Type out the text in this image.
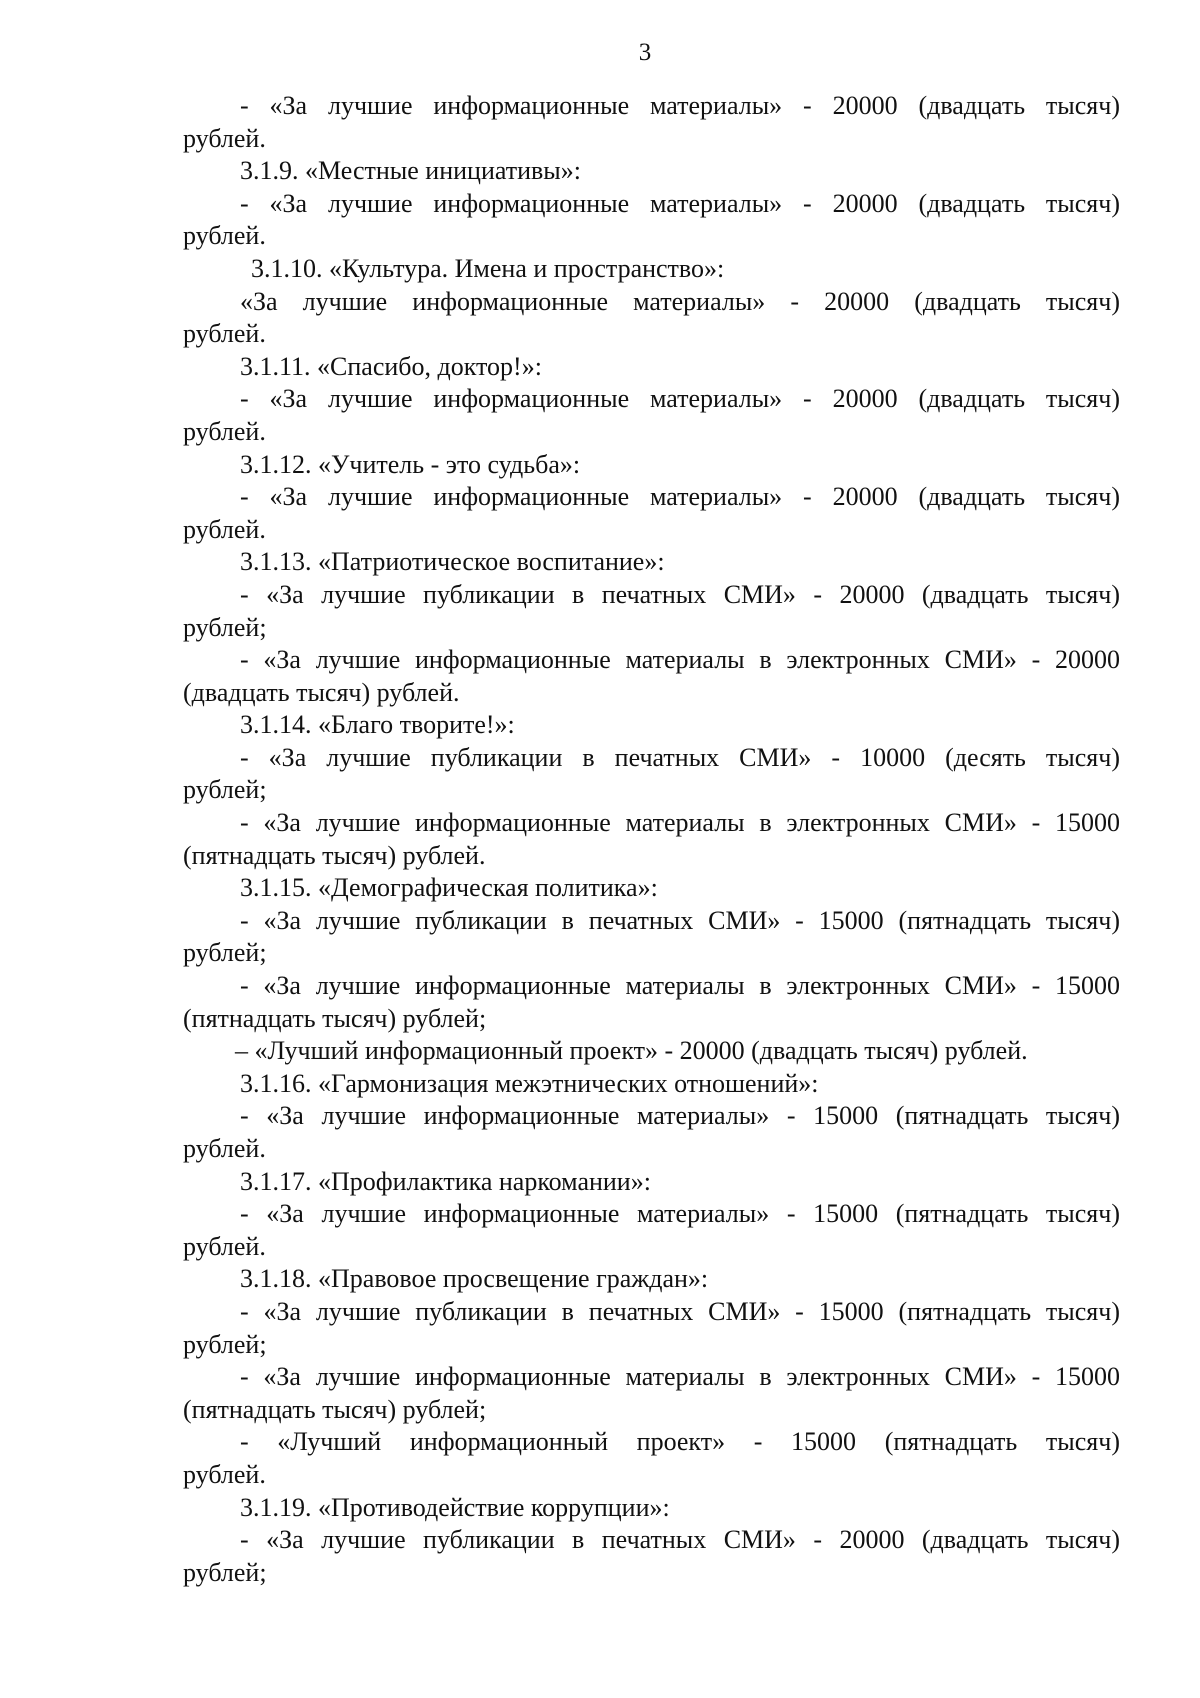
3
- «За лучшие информационные материалы» - 20000 (двадцать тысяч)
рублей.
3.1.9. «Местные инициативы»:
- «За лучшие информационные материалы» - 20000 (двадцать тысяч)
рублей.
3.1.10. «Культура. Имена и пространство»:
«За лучшие информационные материалы» - 20000 (двадцать тысяч)
рублей.
3.1.11. «Спасибо, доктор!»:
- «За лучшие информационные материалы» - 20000 (двадцать тысяч)
рублей.
3.1.12. «Учитель - это судьба»:
- «За лучшие информационные материалы» - 20000 (двадцать тысяч)
рублей.
3.1.13. «Патриотическое воспитание»:
- «За лучшие публикации в печатных СМИ» - 20000 (двадцать тысяч)
рублей;
- «За лучшие информационные материалы в электронных СМИ» - 20000
(двадцать тысяч) рублей.
3.1.14. «Благо творите!»:
- «За лучшие публикации в печатных СМИ» - 10000 (десять тысяч)
рублей;
- «За лучшие информационные материалы в электронных СМИ» - 15000
(пятнадцать тысяч) рублей.
3.1.15. «Демографическая политика»:
- «За лучшие публикации в печатных СМИ» - 15000 (пятнадцать тысяч)
рублей;
- «За лучшие информационные материалы в электронных СМИ» - 15000
(пятнадцать тысяч) рублей;
– «Лучший информационный проект» - 20000 (двадцать тысяч) рублей.
3.1.16. «Гармонизация межэтнических отношений»:
- «За лучшие информационные материалы» - 15000 (пятнадцать тысяч)
рублей.
3.1.17. «Профилактика наркомании»:
- «За лучшие информационные материалы» - 15000 (пятнадцать тысяч)
рублей.
3.1.18. «Правовое просвещение граждан»:
- «За лучшие публикации в печатных СМИ» - 15000 (пятнадцать тысяч)
рублей;
- «За лучшие информационные материалы в электронных СМИ» - 15000
(пятнадцать тысяч) рублей;
- «Лучший информационный проект» - 15000 (пятнадцать тысяч)
рублей.
3.1.19. «Противодействие коррупции»:
- «За лучшие публикации в печатных СМИ» - 20000 (двадцать тысяч)
рублей;
